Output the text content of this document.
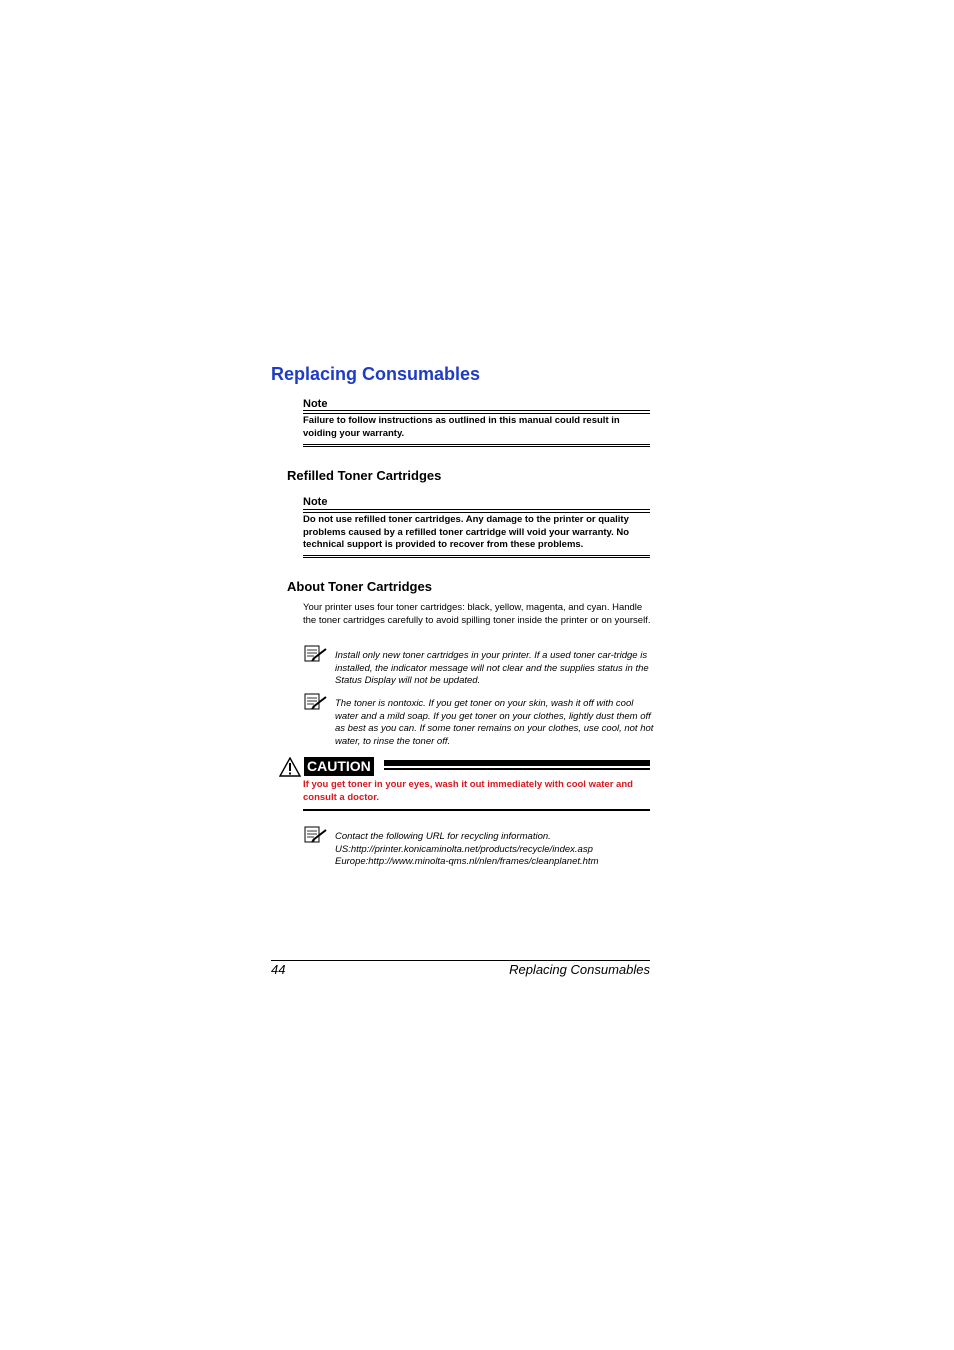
Replacing Consumables
Note
Failure to follow instructions as outlined in this manual could result in voiding your warranty.
Refilled Toner Cartridges
Note
Do not use refilled toner cartridges. Any damage to the printer or quality problems caused by a refilled toner cartridge will void your warranty. No technical support is provided to recover from these problems.
About Toner Cartridges
Your printer uses four toner cartridges: black, yellow, magenta, and cyan. Handle the toner cartridges carefully to avoid spilling toner inside the printer or on yourself.
Install only new toner cartridges in your printer. If a used toner car-tridge is installed, the indicator message will not clear and the supplies status in the Status Display will not be updated.
The toner is nontoxic. If you get toner on your skin, wash it off with cool water and a mild soap. If you get toner on your clothes, lightly dust them off as best as you can. If some toner remains on your clothes, use cool, not hot water, to rinse the toner off.
CAUTION
If you get toner in your eyes, wash it out immediately with cool water and consult a doctor.
Contact the following URL for recycling information.
US:http://printer.konicaminolta.net/products/recycle/index.asp
Europe:http://www.minolta-qms.nl/nlen/frames/cleanplanet.htm
44	Replacing Consumables
